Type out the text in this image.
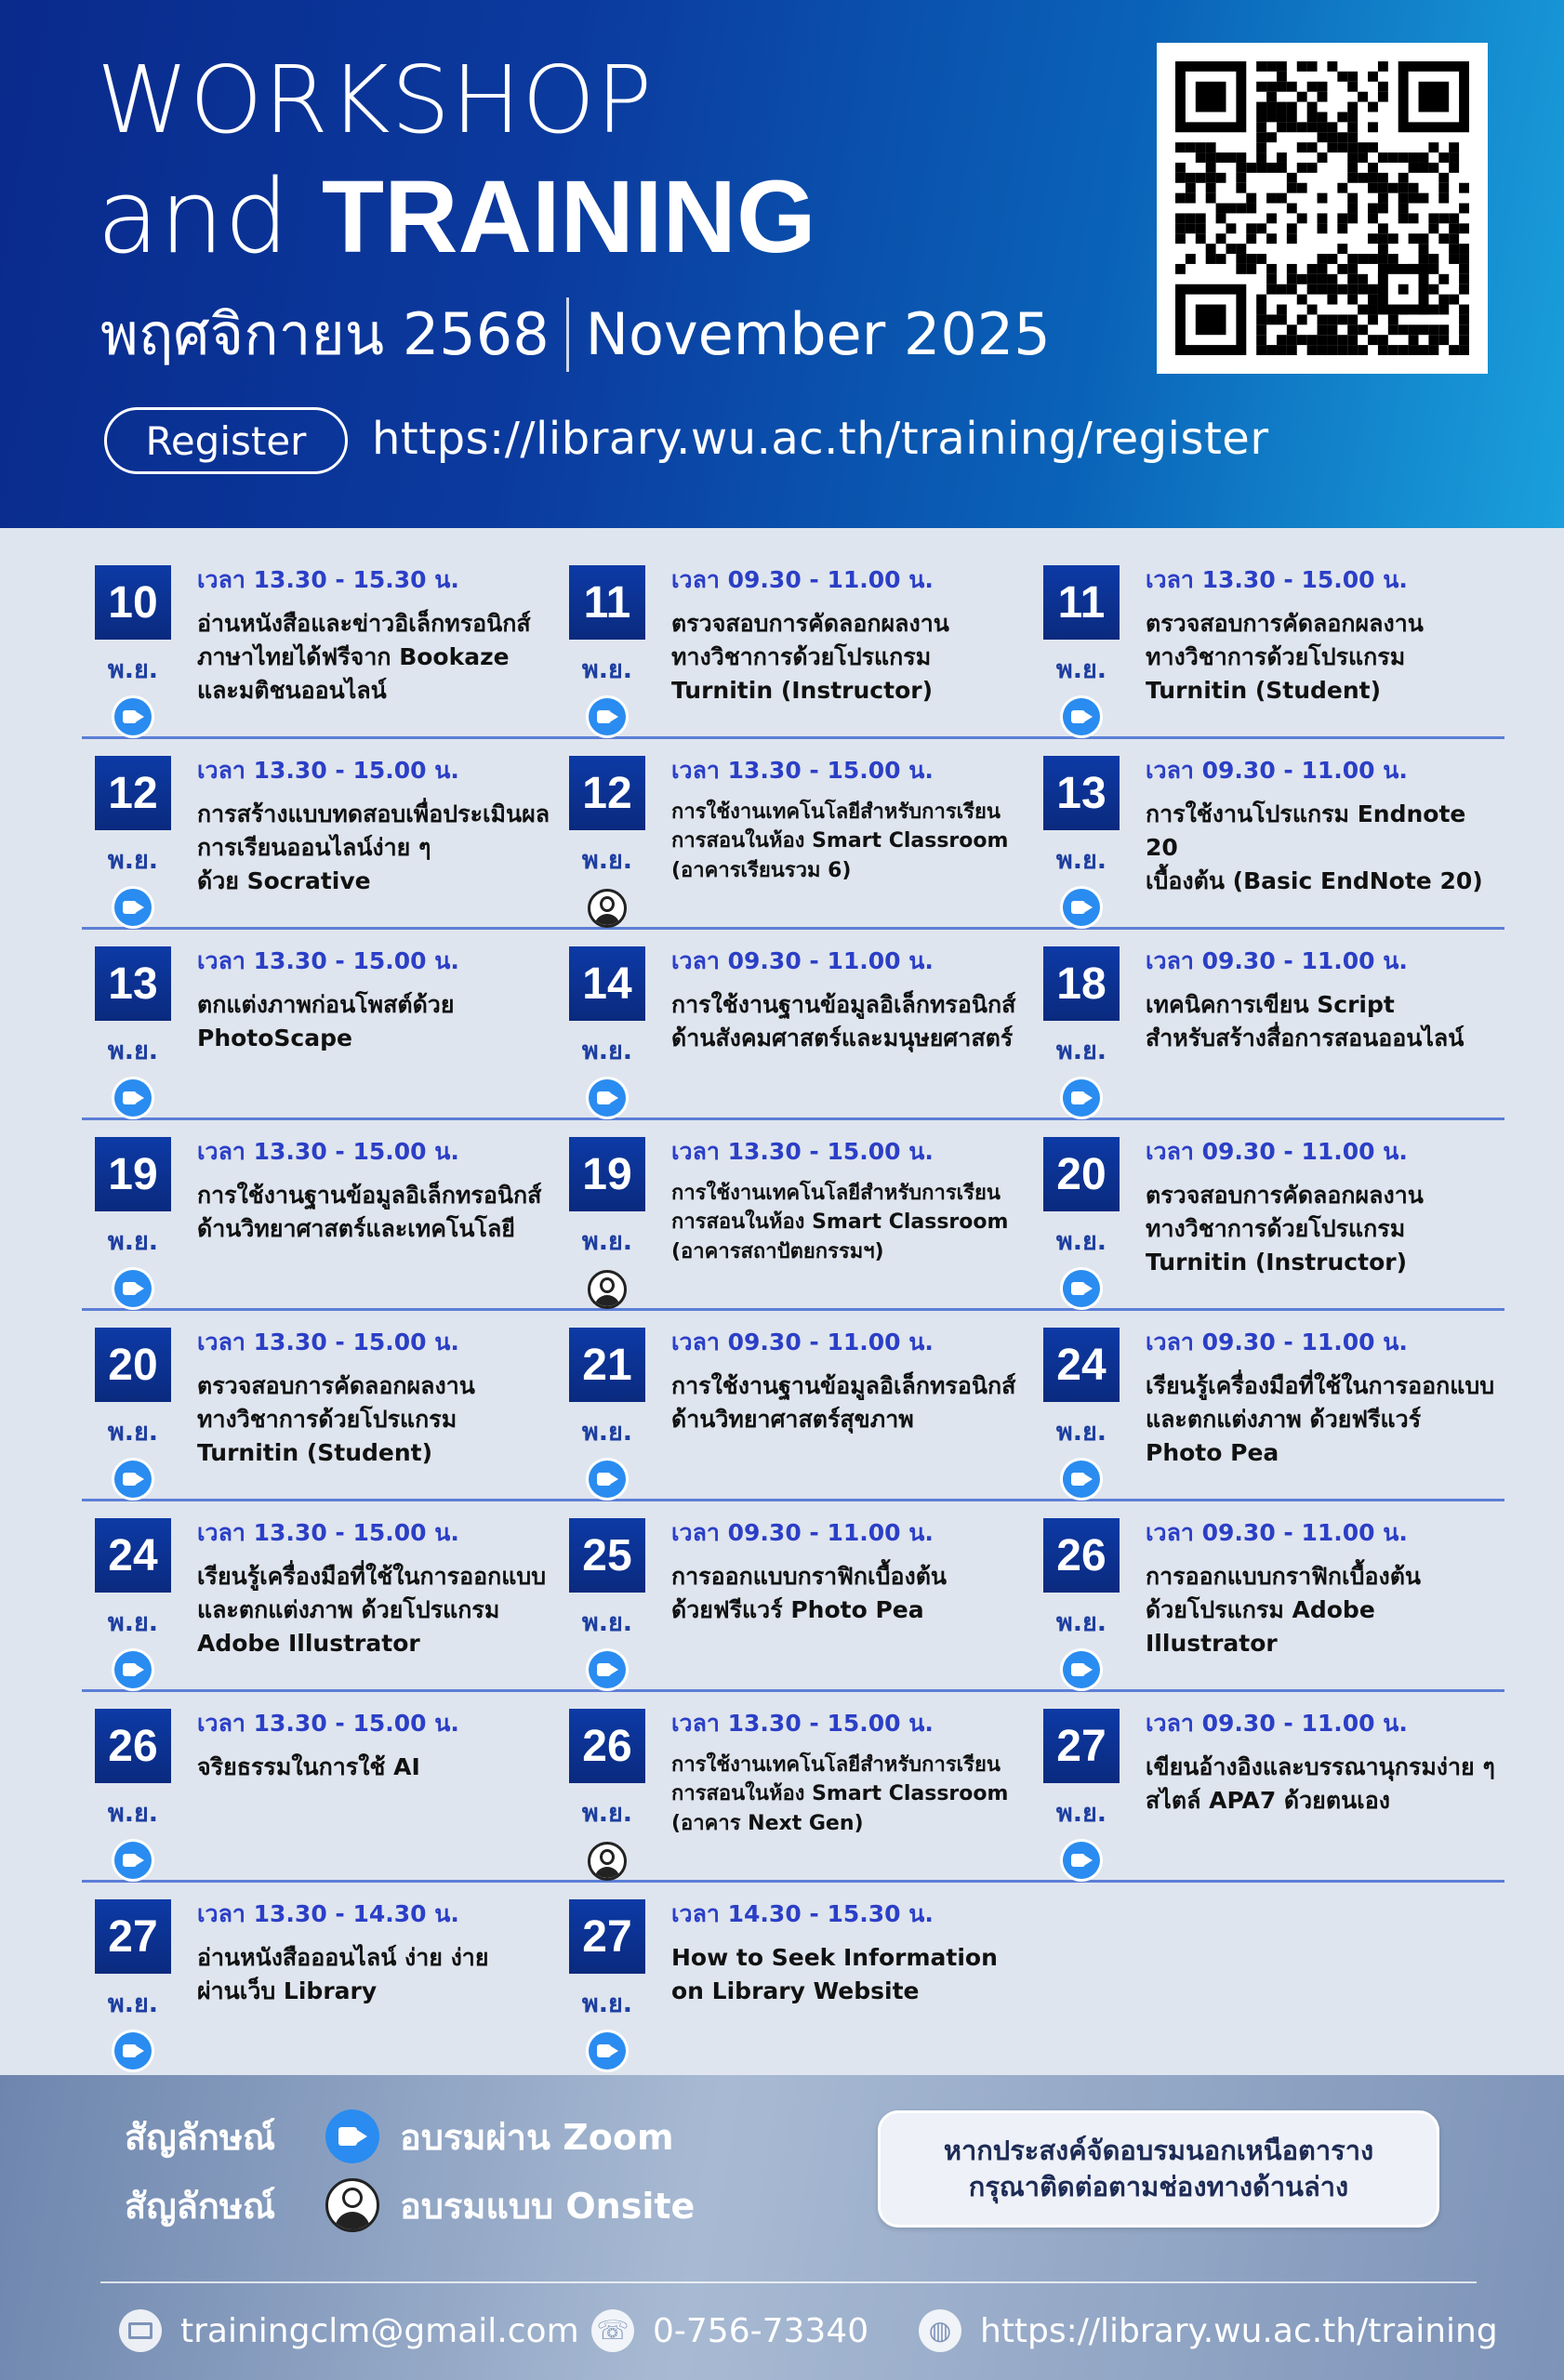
WORKSHOP
and TRAINING
พฤศจิกายน 2568 November 2025
Register	https://library.wu.ac.th/training/register
10
พ.ย.
เวลา 13.30 - 15.30 น.
อ่านหนังสือและข่าวอิเล็กทรอนิกส์
ภาษาไทยได้ฟรีจาก Bookaze
และมติชนออนไลน์
11
พ.ย.
เวลา 09.30 - 11.00 น.
ตรวจสอบการคัดลอกผลงาน
ทางวิชาการด้วยโปรแกรม
Turnitin (Instructor)
11
พ.ย.
เวลา 13.30 - 15.00 น.
ตรวจสอบการคัดลอกผลงาน
ทางวิชาการด้วยโปรแกรม
Turnitin (Student)
12
พ.ย.
เวลา 13.30 - 15.00 น.
การสร้างแบบทดสอบเพื่อประเมินผล
การเรียนออนไลน์ง่าย ๆ
ด้วย Socrative
12
พ.ย.
เวลา 13.30 - 15.00 น.
การใช้งานเทคโนโลยีสำหรับการเรียน
การสอนในห้อง Smart Classroom
(อาคารเรียนรวม 6)
13
พ.ย.
เวลา 09.30 - 11.00 น.
การใช้งานโปรแกรม Endnote 20
เบื้องต้น (Basic EndNote 20)
13
พ.ย.
เวลา 13.30 - 15.00 น.
ตกแต่งภาพก่อนโพสต์ด้วย
PhotoScape
14
พ.ย.
เวลา 09.30 - 11.00 น.
การใช้งานฐานข้อมูลอิเล็กทรอนิกส์
ด้านสังคมศาสตร์และมนุษยศาสตร์
18
พ.ย.
เวลา 09.30 - 11.00 น.
เทคนิคการเขียน Script
สำหรับสร้างสื่อการสอนออนไลน์
19
พ.ย.
เวลา 13.30 - 15.00 น.
การใช้งานฐานข้อมูลอิเล็กทรอนิกส์
ด้านวิทยาศาสตร์และเทคโนโลยี
19
พ.ย.
เวลา 13.30 - 15.00 น.
การใช้งานเทคโนโลยีสำหรับการเรียน
การสอนในห้อง Smart Classroom
(อาคารสถาปัตยกรรมฯ)
20
พ.ย.
เวลา 09.30 - 11.00 น.
ตรวจสอบการคัดลอกผลงาน
ทางวิชาการด้วยโปรแกรม
Turnitin (Instructor)
20
พ.ย.
เวลา 13.30 - 15.00 น.
ตรวจสอบการคัดลอกผลงาน
ทางวิชาการด้วยโปรแกรม
Turnitin (Student)
21
พ.ย.
เวลา 09.30 - 11.00 น.
การใช้งานฐานข้อมูลอิเล็กทรอนิกส์
ด้านวิทยาศาสตร์สุขภาพ
24
พ.ย.
เวลา 09.30 - 11.00 น.
เรียนรู้เครื่องมือที่ใช้ในการออกแบบ
และตกแต่งภาพ ด้วยฟรีแวร์
Photo Pea
24
พ.ย.
เวลา 13.30 - 15.00 น.
เรียนรู้เครื่องมือที่ใช้ในการออกแบบ
และตกแต่งภาพ ด้วยโปรแกรม
Adobe Illustrator
25
พ.ย.
เวลา 09.30 - 11.00 น.
การออกแบบกราฟิกเบื้องต้น
ด้วยฟรีแวร์ Photo Pea
26
พ.ย.
เวลา 09.30 - 11.00 น.
การออกแบบกราฟิกเบื้องต้น
ด้วยโปรแกรม Adobe Illustrator
26
พ.ย.
เวลา 13.30 - 15.00 น.
จริยธรรมในการใช้ AI	26
พ.ย.
เวลา 13.30 - 15.00 น.
การใช้งานเทคโนโลยีสำหรับการเรียน
การสอนในห้อง Smart Classroom
(อาคาร Next Gen)
27
พ.ย.
เวลา 09.30 - 11.00 น.
เขียนอ้างอิงและบรรณานุกรมง่าย ๆ
สไตล์ APA7 ด้วยตนเอง
27
พ.ย.
เวลา 13.30 - 14.30 น.
อ่านหนังสือออนไลน์ ง่าย ง่าย
ผ่านเว็บ Library
27
พ.ย.
เวลา 14.30 - 15.30 น.
How to Seek Information
on Library Website
สัญลักษณ์	อบรมผ่าน Zoom
สัญลักษณ์	อบรมแบบ Onsite
หากประสงค์จัดอบรมนอกเหนือตาราง
กรุณาติดต่อตามช่องทางด้านล่าง
trainingclm@gmail.com ☏ 0-756-73340	◍ https://library.wu.ac.th/training
